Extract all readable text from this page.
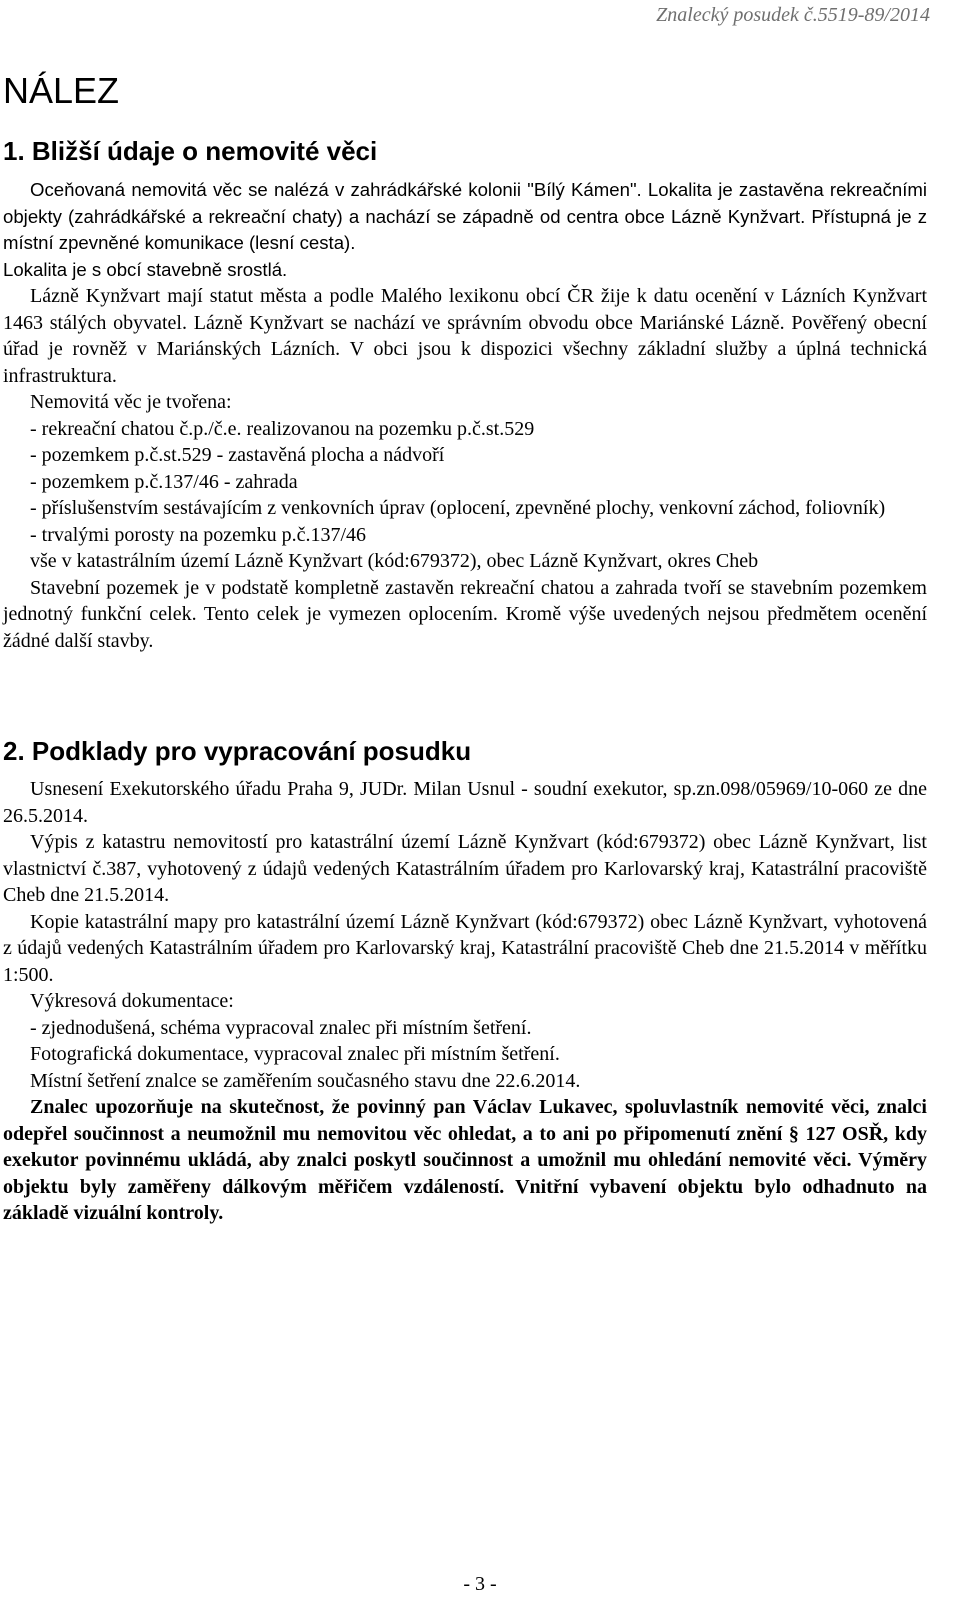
Znalecký posudek č.5519-89/2014
NÁLEZ
1. Bližší údaje o nemovité věci

Oceňovaná nemovitá věc se nalézá v zahrádkářské kolonii "Bílý Kámen". Lokalita je zastavěna rekreačními objekty (zahrádkářské a rekreační chaty) a nachází se západně od centra obce Lázně Kynžvart. Přístupná je z místní zpevněné komunikace (lesní cesta).

Lokalita je s obcí stavebně srostlá.

Lázně Kynžvart mají statut města a podle Malého lexikonu obcí ČR žije k datu ocenění v Lázních Kynžvart 1463 stálých obyvatel. Lázně Kynžvart se nachází ve správním obvodu obce Mariánské Lázně. Pověřený obecní úřad je rovněž v Mariánských Lázních. V obci jsou k dispozici všechny základní služby a úplná technická infrastruktura.

Nemovitá věc je tvořena:

- rekreační chatou č.p./č.e. realizovanou na pozemku p.č.st.529

- pozemkem p.č.st.529 - zastavěná plocha a nádvoří

- pozemkem p.č.137/46 - zahrada

- příslušenstvím sestávajícím z venkovních úprav (oplocení, zpevněné plochy, venkovní záchod, foliovník)

- trvalými porosty na pozemku p.č.137/46

vše v katastrálním území Lázně Kynžvart (kód:679372), obec Lázně Kynžvart, okres Cheb

Stavební pozemek je v podstatě kompletně zastavěn rekreační chatou a zahrada tvoří se stavebním pozemkem jednotný funkční celek. Tento celek je vymezen oplocením. Kromě výše uvedených nejsou předmětem ocenění žádné další stavby.

2. Podklady pro vypracování posudku

Usnesení Exekutorského úřadu Praha 9, JUDr. Milan Usnul - soudní exekutor, sp.zn.098/05969/10-060 ze dne 26.5.2014.

Výpis z katastru nemovitostí pro katastrální území Lázně Kynžvart (kód:679372) obec Lázně Kynžvart, list vlastnictví č.387, vyhotovený z údajů vedených Katastrálním úřadem pro Karlovarský kraj, Katastrální pracoviště Cheb dne 21.5.2014.

Kopie katastrální mapy pro katastrální území Lázně Kynžvart (kód:679372) obec Lázně Kynžvart, vyhotovená z údajů vedených Katastrálním úřadem pro Karlovarský kraj, Katastrální pracoviště Cheb dne 21.5.2014 v měřítku 1:500.

Výkresová dokumentace:

- zjednodušená, schéma vypracoval znalec při místním šetření.

Fotografická dokumentace, vypracoval znalec při místním šetření.

Místní šetření znalce se zaměřením současného stavu dne 22.6.2014.

Znalec upozorňuje na skutečnost, že povinný pan Václav Lukavec, spoluvlastník nemovité věci, znalci odepřel součinnost a neumožnil mu nemovitou věc ohledat, a to ani po připomenutí znění § 127 OSŘ, kdy exekutor povinnému ukládá, aby znalci poskytl součinnost a umožnil mu ohledání nemovité věci. Výměry objektu byly zaměřeny dálkovým měřičem vzdáleností. Vnitřní vybavení objektu bylo odhadnuto na základě vizuální kontroly.

- 3 -
